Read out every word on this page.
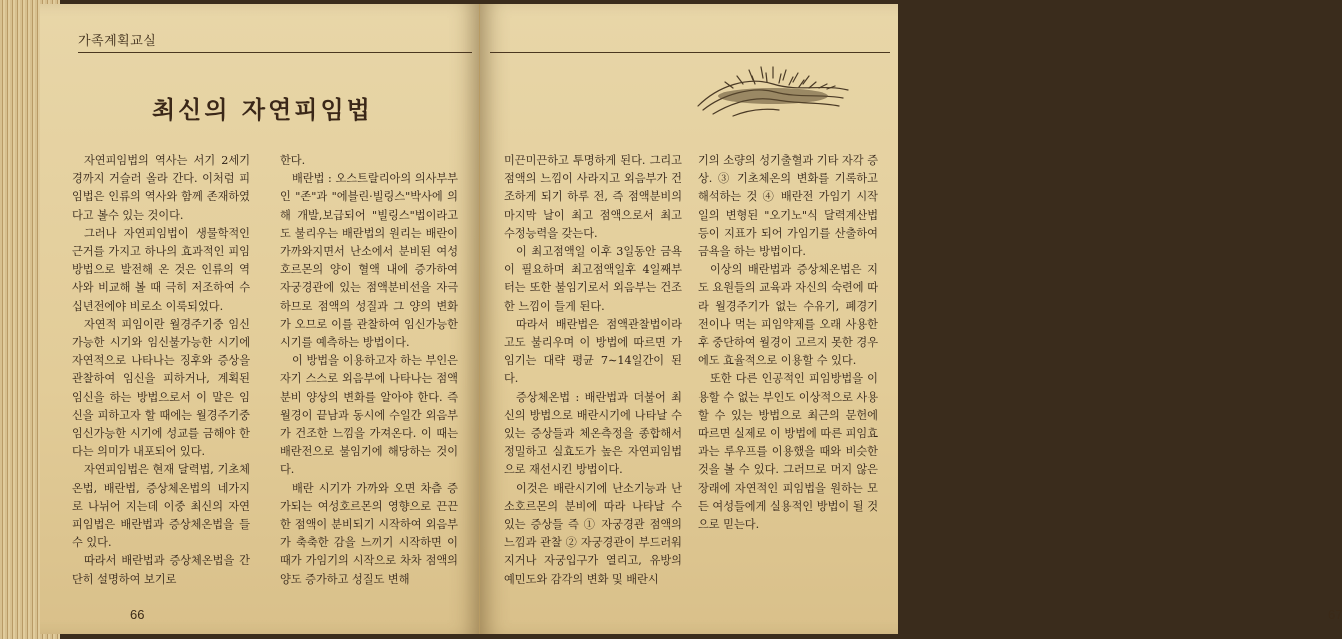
가족계획교실
최신의 자연피임법
66	67

자연피임법의 역사는 서기 2세기경까지 거슬러 올라 간다. 이처럼 피임법은 인류의 역사와 함께 존재하였다고 볼수 있는 것이다.

그러나 자연피임법이 생물학적인 근거를 가지고 하나의 효과적인 피임방법으로 발전해 온 것은 인류의 역사와 비교해 볼 때 극히 저조하여 수십년전에야 비로소 이룩되었다.

자연적 피임이란 월경주기중 임신가능한 시기와 임신불가능한 시기에 자연적으로 나타나는 징후와 증상을 관찰하여 임신을 피하거나, 계획된 임신을 하는 방법으로서 이 말은 임신을 피하고자 할 때에는 월경주기중 임신가능한 시기에 성교를 금해야 한다는 의미가 내포되어 있다.

자연피임법은 현재 달력법, 기초체온법, 배란법, 증상체온법의 네가지로 나뉘어 지는데 이중 최신의 자연피임법은 배란법과 증상체온법을 들 수 있다.

따라서 배란법과 증상체온법을 간단히 설명하여 보기로

한다.

배란법 : 오스트랄리아의 의사부부인 "존"과 "에블린·빌링스"박사에 의해 개발,보급되어 "빌링스"법이라고도 불리우는 배란법의 원리는 배란이 가까와지면서 난소에서 분비된 여성호르몬의 양이 혈액 내에 증가하여 자궁경관에 있는 점액분비선을 자극하므로 점액의 성질과 그 양의 변화가 오므로 이를 관찰하여 임신가능한 시기를 예측하는 방법이다.

이 방법을 이용하고자 하는 부인은 자기 스스로 외음부에 나타나는 점액분비 양상의 변화를 알아야 한다. 즉 월경이 끝남과 동시에 수일간 외음부가 건조한 느낌을 가져온다. 이 때는 배란전으로 불임기에 해당하는 것이다.

배란 시기가 가까와 오면 차츰 증가되는 여성호르몬의 영향으로 끈끈한 점액이 분비되기 시작하여 외음부가 축축한 감을 느끼기 시작하면 이 때가 가임기의 시작으로 차차 점액의 양도 증가하고 성질도 변해

미끈미끈하고 투명하게 된다. 그리고 점액의 느낌이 사라지고 외음부가 건조하게 되기 하루 전, 즉 점액분비의 마지막 날이 최고 점액으로서 최고 수정능력을 갖는다.

이 최고점액일 이후 3일동안 금욕이 필요하며 최고점액일후 4일째부터는 또한 불임기로서 외음부는 건조한 느낌이 들게 된다.

따라서 배란법은 점액관찰법이라고도 불리우며 이 방법에 따르면 가임기는 대략 평균 7∼14일간이 된다.

증상체온법 : 배란법과 더불어 최신의 방법으로 배란시기에 나타날 수 있는 증상들과 체온측정을 종합해서 정밀하고 실효도가 높은 자연피임법으로 재선시킨 방법이다.

이것은 배란시기에 난소기능과 난소호르몬의 분비에 따라 나타날 수 있는 증상들 즉 ① 자궁경관 점액의 느낌과 관찰 ② 자궁경관이 부드러워 지거나 자궁입구가 열리고, 유방의 예민도와 감각의 변화 및 배란시

기의 소량의 성기출혈과 기타 자각 증상. ③ 기초체온의 변화를 기록하고 해석하는 것 ④ 배란전 가임기 시작일의 변형된 "오기노"식 달력계산법등이 지표가 되어 가임기를 산출하여 금욕을 하는 방법이다.

이상의 배란법과 증상체온법은 지도 요원들의 교육과 자신의 숙련에 따라 월경주기가 없는 수유기, 폐경기 전이나 먹는 피임약제를 오래 사용한 후 중단하여 월경이 고르지 못한 경우에도 효율적으로 이용할 수 있다.

또한 다른 인공적인 피임방법을 이용할 수 없는 부인도 이상적으로 사용할 수 있는 방법으로 최근의 문헌에 따르면 실제로 이 방법에 따른 피임효과는 루우프를 이용했을 때와 비슷한 것을 볼 수 있다. 그러므로 머지 않은 장래에 자연적인 피임법을 원하는 모든 여성들에게 실용적인 방법이 될 것으로 믿는다.
